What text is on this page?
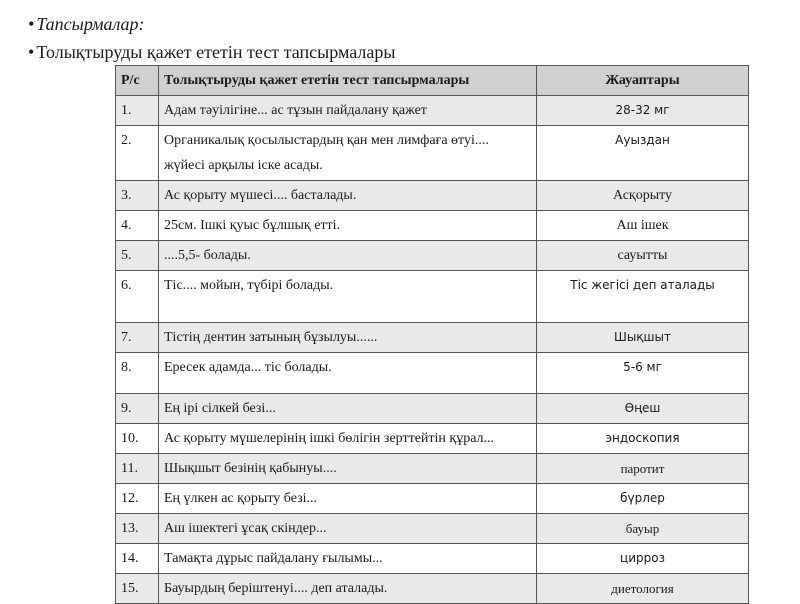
• Тапсырмалар:
• Толықтыруды қажет ететін тест тапсырмалары
Р/с	Толықтыруды қажет ететін тест тапсырмалары	Жауаптары
1.	Адам тәуілігіне... ас тұзын пайдалану қажет	28-32 мг
2.	Органикалық қосылыстардың қан мен лимфаға өтуі.... жүйесі арқылы іске асады.	Ауыздан
3.	Ас қорыту мүшесі.... басталады.	Асқорыту
4.	25см. Ішкі қуыс бұлшық етті.	Аш ішек
5.	....5,5- болады.	сауытты
6.	Тіс.... мойын, түбірі болады.	Тіс жегісі деп аталады
7.	Тістің дентин затының бұзылуы......	Шықшыт
8.	Ересек адамда... тіс болады.	5-6 мг
9.	Ең ірі сілкей безі...	Өңеш
10.	Ас қорыту мүшелерінің ішкі бөлігін зерттейтін құрал...	эндоскопия
11.	Шықшыт безінің қабынуы....	паротит
12.	Ең үлкен ас қорыту безі...	бүрлер
13.	Аш ішектегі ұсақ скіндер...	бауыр
14.	Тамақта дұрыс пайдалану ғылымы...	цирроз
15.	Бауырдың беріштенуі.... деп аталады.	диетология
